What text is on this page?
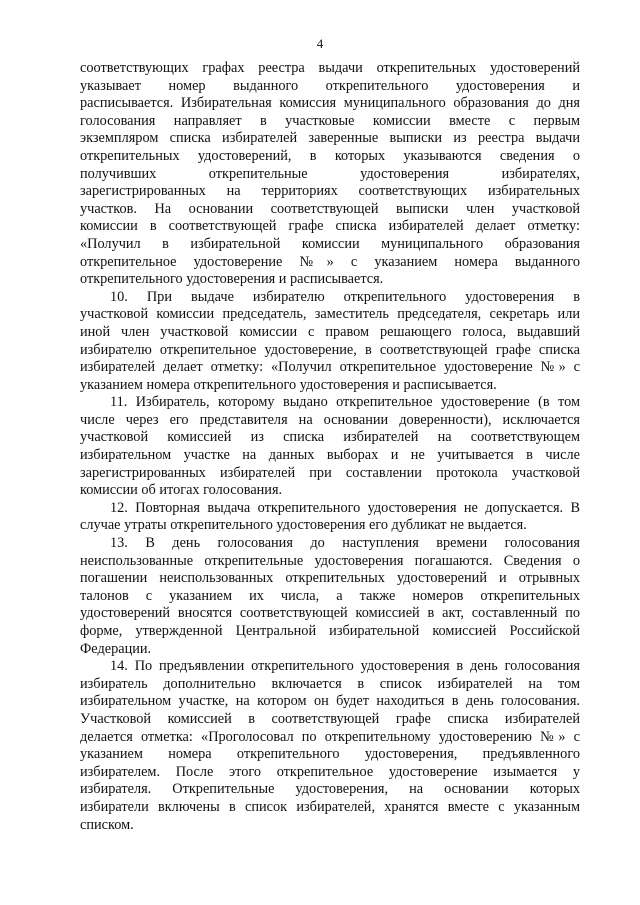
4

соответствующих графах реестра выдачи открепительных удостоверений
указывает номер выданного открепительного удостоверения и
расписывается. Избирательная комиссия муниципального образования до дня
голосования направляет в участковые комиссии вместе с первым
экземпляром списка избирателей заверенные выписки из реестра выдачи
открепительных удостоверений, в которых указываются сведения о
получивших открепительные удостоверения избирателях,
зарегистрированных на территориях соответствующих избирательных
участков. На основании соответствующей выписки член участковой
комиссии в соответствующей графе списка избирателей делает отметку:
«Получил в избирательной комиссии муниципального образования
открепительное удостоверение №» с указанием номера выданного
открепительного удостоверения и расписывается.

10. При выдаче избирателю открепительного удостоверения в
участковой комиссии председатель, заместитель председателя, секретарь или
иной член участковой комиссии с правом решающего голоса, выдавший
избирателю открепительное удостоверение, в соответствующей графе списка
избирателей делает отметку: «Получил открепительное удостоверение №» с
указанием номера открепительного удостоверения и расписывается.

11. Избиратель, которому выдано открепительное удостоверение (в том
числе через его представителя на основании доверенности), исключается
участковой комиссией из списка избирателей на соответствующем
избирательном участке на данных выборах и не учитывается в числе
зарегистрированных избирателей при составлении протокола участковой
комиссии об итогах голосования.

12. Повторная выдача открепительного удостоверения не допускается. В
случае утраты открепительного удостоверения его дубликат не выдается.

13. В день голосования до наступления времени голосования
неиспользованные открепительные удостоверения погашаются. Сведения о
погашении неиспользованных открепительных удостоверений и отрывных
талонов с указанием их числа, а также номеров открепительных
удостоверений вносятся соответствующей комиссией в акт, составленный по
форме, утвержденной Центральной избирательной комиссией Российской
Федерации.

14. По предъявлении открепительного удостоверения в день голосования
избиратель дополнительно включается в список избирателей на том
избирательном участке, на котором он будет находиться в день голосования.
Участковой комиссией в соответствующей графе списка избирателей
делается отметка: «Проголосовал по открепительному удостоверению №» с
указанием номера открепительного удостоверения, предъявленного
избирателем. После этого открепительное удостоверение изымается у
избирателя. Открепительные удостоверения, на основании которых
избиратели включены в список избирателей, хранятся вместе с указанным
списком.
